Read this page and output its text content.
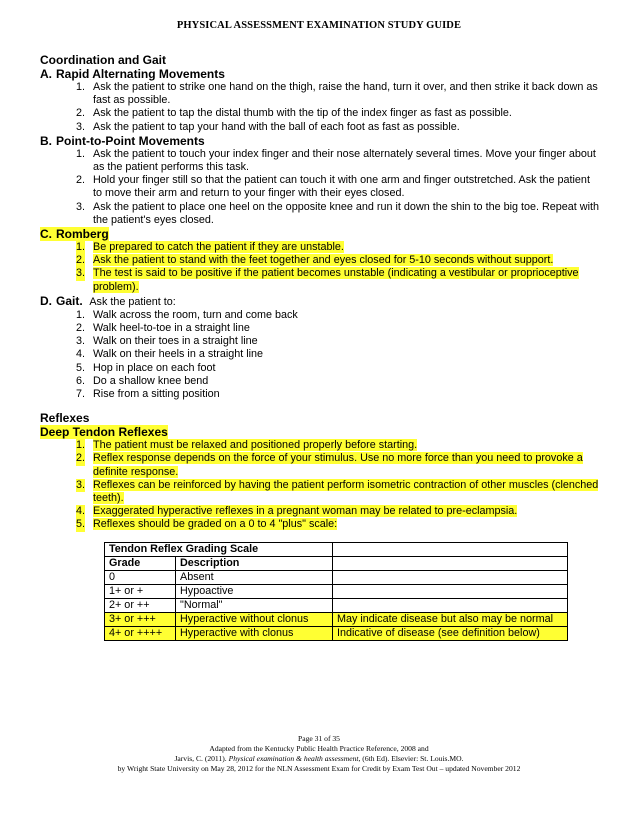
PHYSICAL ASSESSMENT EXAMINATION STUDY GUIDE
Coordination and Gait
A. Rapid Alternating Movements
1. Ask the patient to strike one hand on the thigh, raise the hand, turn it over, and then strike it back down as fast as possible.
2. Ask the patient to tap the distal thumb with the tip of the index finger as fast as possible.
3. Ask the patient to tap your hand with the ball of each foot as fast as possible.
B. Point-to-Point Movements
1. Ask the patient to touch your index finger and their nose alternately several times. Move your finger about as the patient performs this task.
2. Hold your finger still so that the patient can touch it with one arm and finger outstretched. Ask the patient to move their arm and return to your finger with their eyes closed.
3. Ask the patient to place one heel on the opposite knee and run it down the shin to the big toe. Repeat with the patient's eyes closed.
C. Romberg
1. Be prepared to catch the patient if they are unstable.
2. Ask the patient to stand with the feet together and eyes closed for 5-10 seconds without support.
3. The test is said to be positive if the patient becomes unstable (indicating a vestibular or proprioceptive problem).
D. Gait. Ask the patient to:
1. Walk across the room, turn and come back
2. Walk heel-to-toe in a straight line
3. Walk on their toes in a straight line
4. Walk on their heels in a straight line
5. Hop in place on each foot
6. Do a shallow knee bend
7. Rise from a sitting position
Reflexes
Deep Tendon Reflexes
1. The patient must be relaxed and positioned properly before starting.
2. Reflex response depends on the force of your stimulus. Use no more force than you need to provoke a definite response.
3. Reflexes can be reinforced by having the patient perform isometric contraction of other muscles (clenched teeth).
4. Exaggerated hyperactive reflexes in a pregnant woman may be related to pre-eclampsia.
5. Reflexes should be graded on a 0 to 4 "plus" scale:
Tendon Reflex Grading Scale		
Grade	Description	
0	Absent	
1+ or +	Hypoactive	
2+ or ++	"Normal"	
3+ or +++	Hyperactive without clonus	May indicate disease but also may be normal
4+ or ++++	Hyperactive with clonus	Indicative of disease (see definition below)
Page 31 of 35
Adapted from the Kentucky Public Health Practice Reference, 2008 and
Jarvis, C. (2011). Physical examination & health assessment, (6th Ed). Elsevier: St. Louis.MO.
by Wright State University on May 28, 2012 for the NLN Assessment Exam for Credit by Exam Test Out – updated November 2012
